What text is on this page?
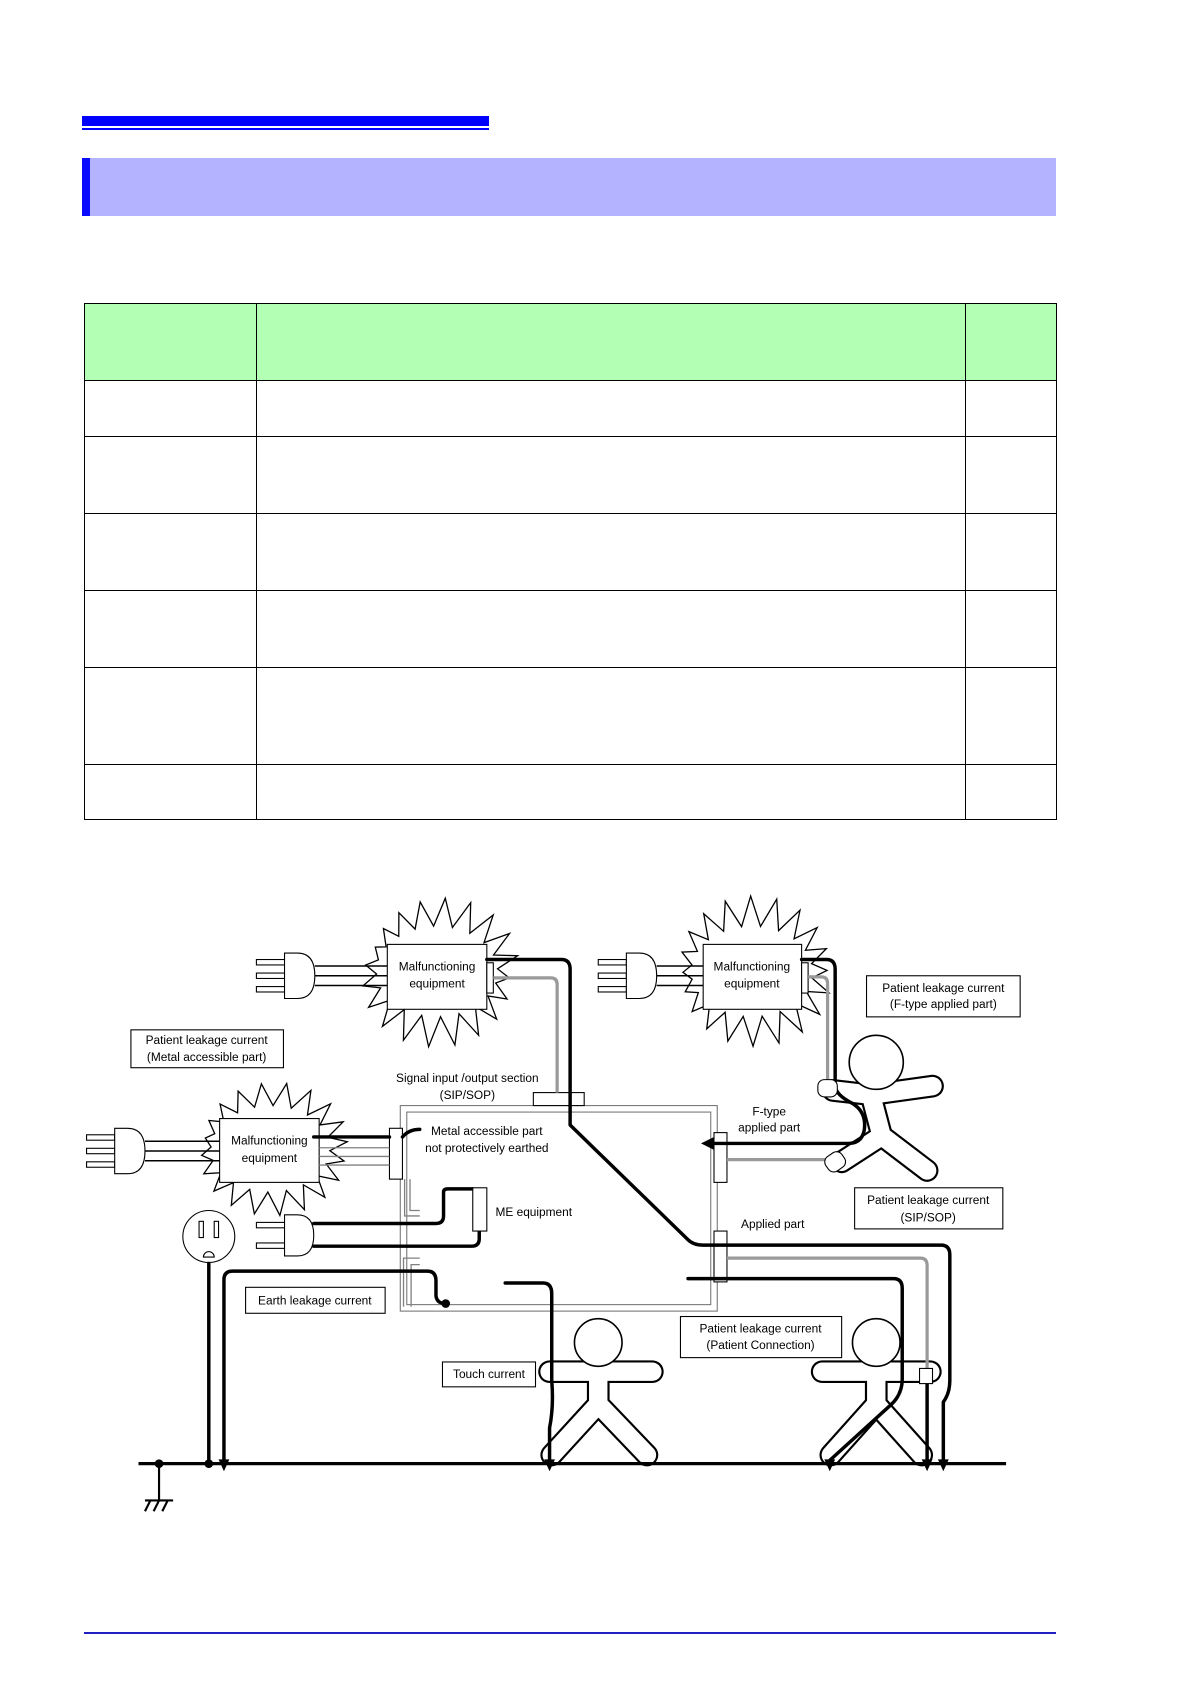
Malfunctioning
equipment
Malfunctioning
equipment
Malfunctioning
equipment
Patient leakage current
(Metal accessible part)
Patient leakage current
(F-type applied part)
Patient leakage current
(SIP/SOP)
Patient leakage current
(Patient Connection)
Earth leakage current
Touch current
Signal input /output section
(SIP/SOP)
Metal accessible part
not protectively earthed
F-type
applied part
ME equipment
Applied part
